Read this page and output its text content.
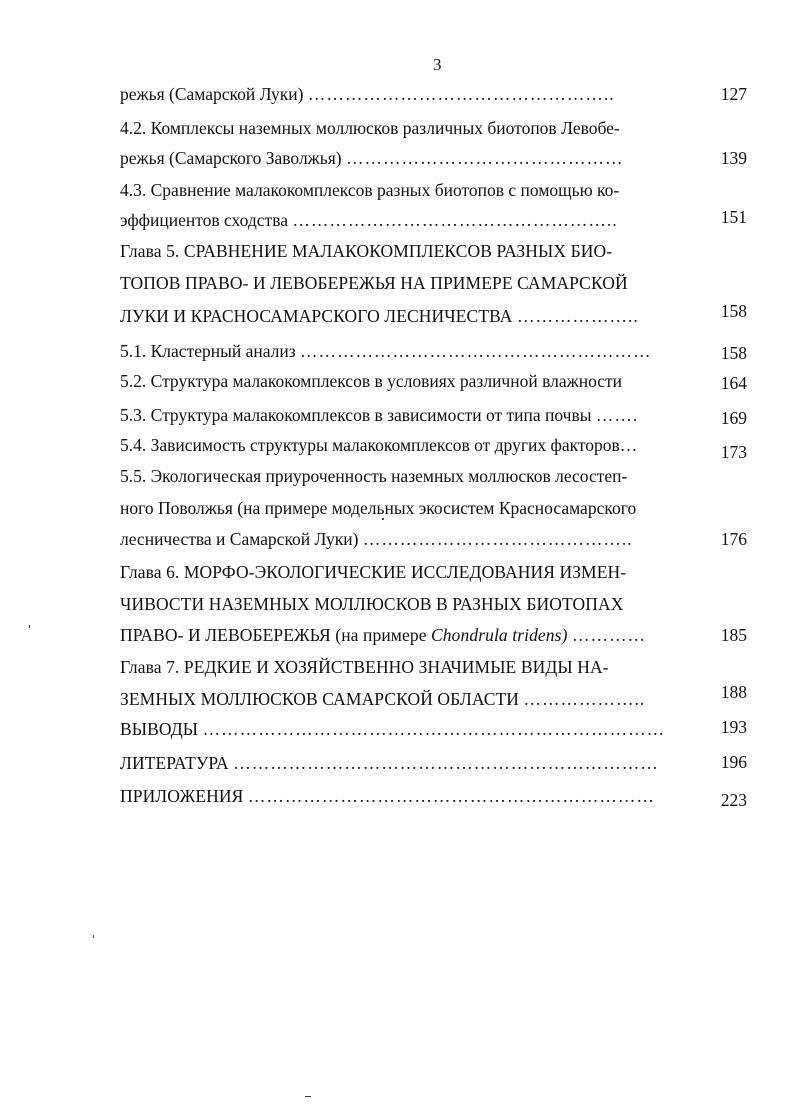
3
режья (Самарской Луки) …………………………………………..	127
4.2. Комплексы наземных моллюсков различных биотопов Левобе-
режья (Самарского Заволжья) ………………………………………	139
4.3. Сравнение малакокомплексов разных биотопов с помощью ко-
эффициентов сходства ……………………………………………..	151
Глава 5. СРАВНЕНИЕ МАЛАКОКОМПЛЕКСОВ РАЗНЫХ БИО-
ТОПОВ ПРАВО- И ЛЕВОБЕРЕЖЬЯ НА ПРИМЕРЕ САМАРСКОЙ
ЛУКИ И КРАСНОСАМАРСКОГО ЛЕСНИЧЕСТВА ………………..	158
5.1. Кластерный анализ …………………………………………………	158
5.2. Структура малакокомплексов в условиях различной влажности	164
5.3. Структура малакокомплексов в зависимости от типа почвы …….	169
5.4. Зависимость структуры малакокомплексов от других факторов…	173
5.5. Экологическая приуроченность наземных моллюсков лесостеп-
ного Поволжья (на примере модельных экосистем Красносамарского
лесничества и Самарской Луки) ……………………………………..	176
Глава 6. МОРФО-ЭКОЛОГИЧЕСКИЕ ИССЛЕДОВАНИЯ ИЗМЕН-
ЧИВОСТИ НАЗЕМНЫХ МОЛЛЮСКОВ В РАЗНЫХ БИОТОПАХ
ПРАВО- И ЛЕВОБЕРЕЖЬЯ (на примере Chondrula tridens) …………	185
Глава 7. РЕДКИЕ И ХОЗЯЙСТВЕННО ЗНАЧИМЫЕ ВИДЫ НА-
ЗЕМНЫХ МОЛЛЮСКОВ САМАРСКОЙ ОБЛАСТИ ………………..	188
ВЫВОДЫ …………………………………………………………………	193
ЛИТЕРАТУРА ……………………………………………………………	196
ПРИЛОЖЕНИЯ …………………………………………………………	223
